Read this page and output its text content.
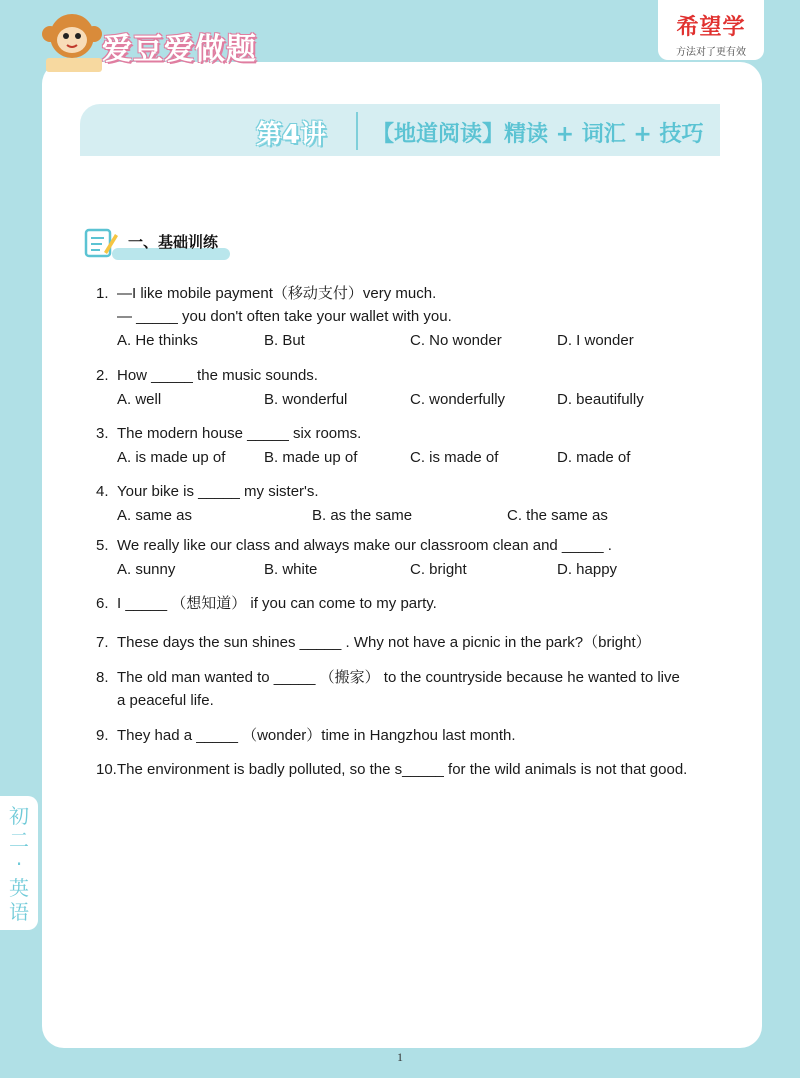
爱豆爱做题
希望学
方法对了更有效
第4讲 【地道阅读】精读 + 词汇 + 技巧
一、基础训练
1. —I like mobile payment（移动支付）very much.
— _____ you don't often take your wallet with you.
A. He thinks	B. But	C. No wonder	D. I wonder
2. How _____ the music sounds.
A. well	B. wonderful	C. wonderfully	D. beautifully
3. The modern house _____ six rooms.
A. is made up of	B. made up of	C. is made of	D. made of
4. Your bike is _____ my sister's.
A. same as	B. as the same	C. the same as
5. We really like our class and always make our classroom clean and _____ .
A. sunny	B. white	C. bright	D. happy
6. I _____ （想知道） if you can come to my party.
7. These days the sun shines _____ . Why not have a picnic in the park?（bright）
8. The old man wanted to _____ （搬家） to the countryside because he wanted to live
a peaceful life.
9. They had a _____ （wonder）time in Hangzhou last month.
10. The environment is badly polluted, so the s_____ for the wild animals is not that good.
初
二
·
英
语
1
